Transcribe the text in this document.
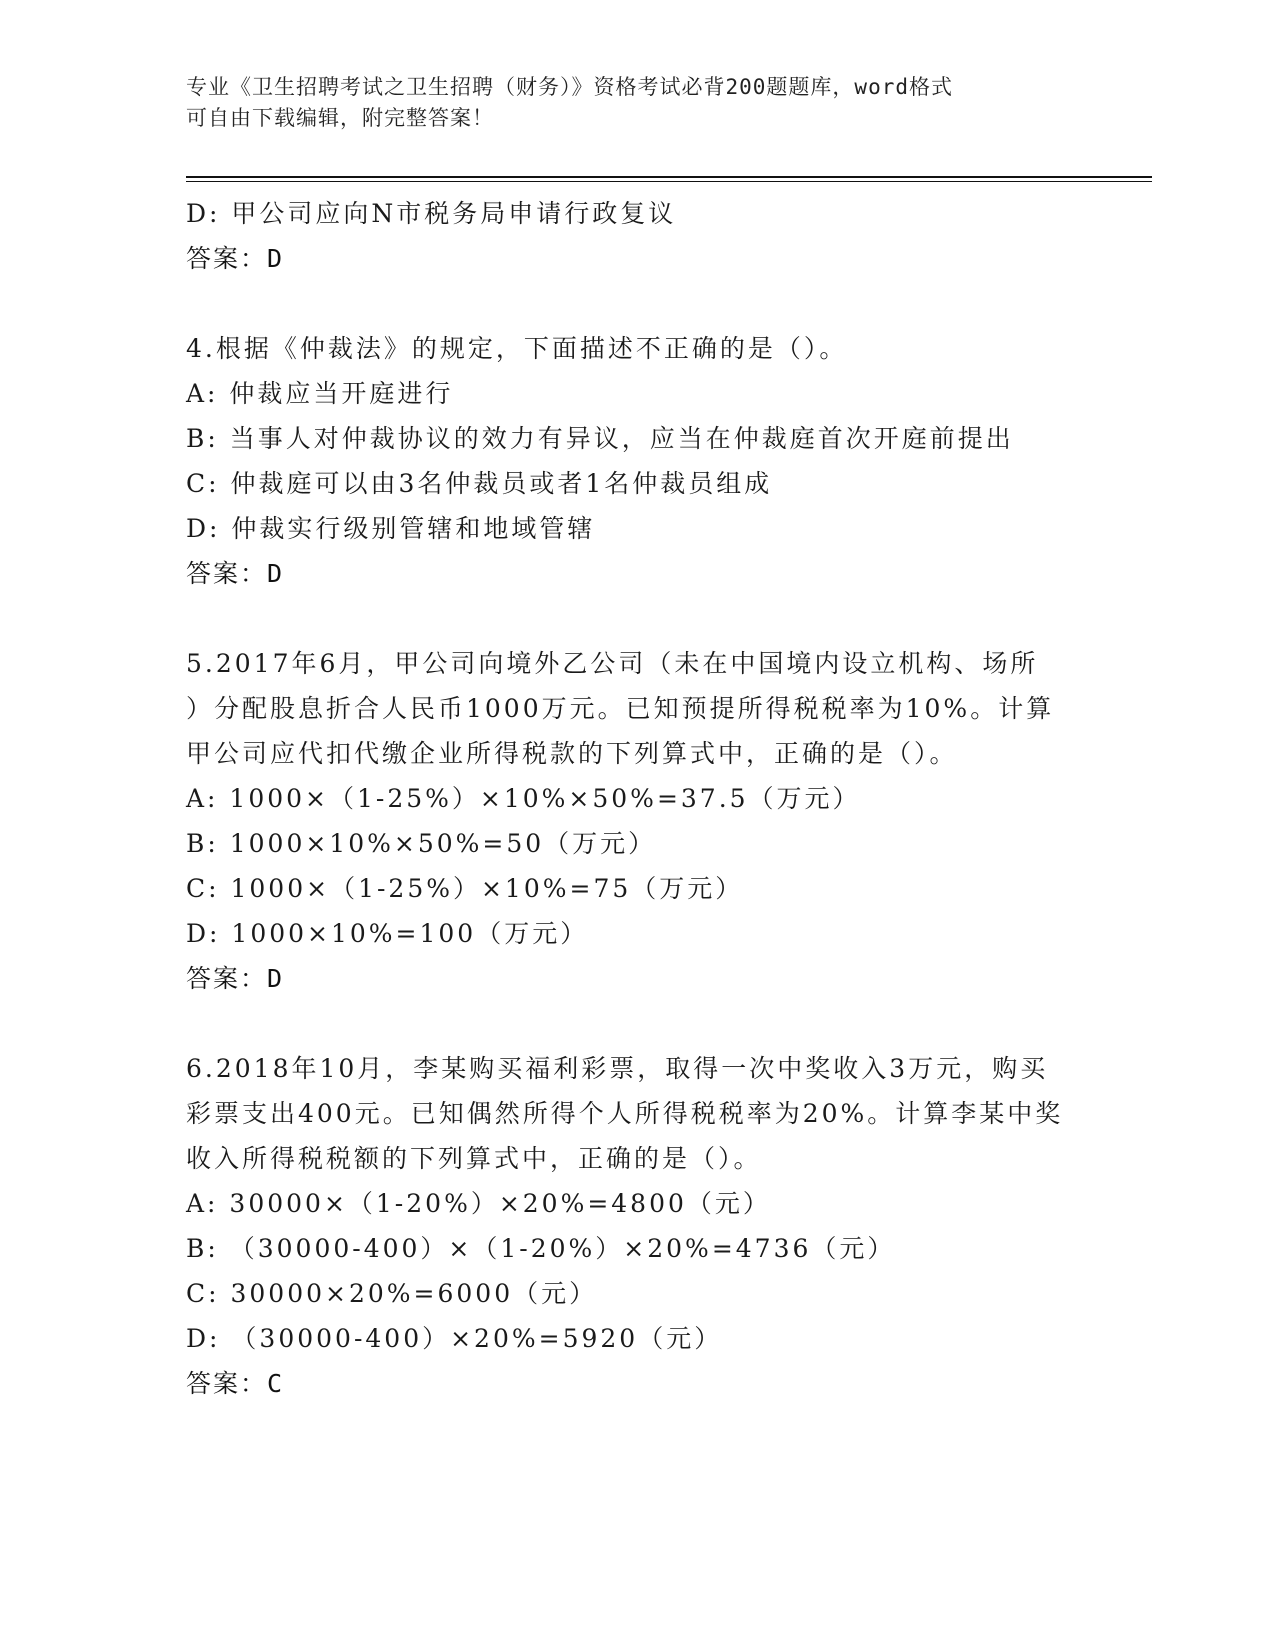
专业《卫生招聘考试之卫生招聘（财务）》资格考试必背200题题库，word格式
可自由下载编辑，附完整答案！

D: 甲公司应向N市税务局申请行政复议

答案：D

4.根据《仲裁法》的规定，下面描述不正确的是（）。

A: 仲裁应当开庭进行

B: 当事人对仲裁协议的效力有异议，应当在仲裁庭首次开庭前提出

C: 仲裁庭可以由3名仲裁员或者1名仲裁员组成

D: 仲裁实行级别管辖和地域管辖

答案：D

5.2017年6月，甲公司向境外乙公司（未在中国境内设立机构、场所

）分配股息折合人民币1000万元。已知预提所得税税率为10%。计算

甲公司应代扣代缴企业所得税款的下列算式中，正确的是（）。

A: 1000×（1-25%）×10%×50%=37.5（万元）

B: 1000×10%×50%=50（万元）

C: 1000×（1-25%）×10%=75（万元）

D: 1000×10%=100（万元）

答案：D

6.2018年10月，李某购买福利彩票，取得一次中奖收入3万元，购买

彩票支出400元。已知偶然所得个人所得税税率为20%。计算李某中奖

收入所得税税额的下列算式中，正确的是（）。

A: 30000×（1-20%）×20%=4800（元）

B: （30000-400）×（1-20%）×20%=4736（元）

C: 30000×20%=6000（元）

D: （30000-400）×20%=5920（元）

答案：C
